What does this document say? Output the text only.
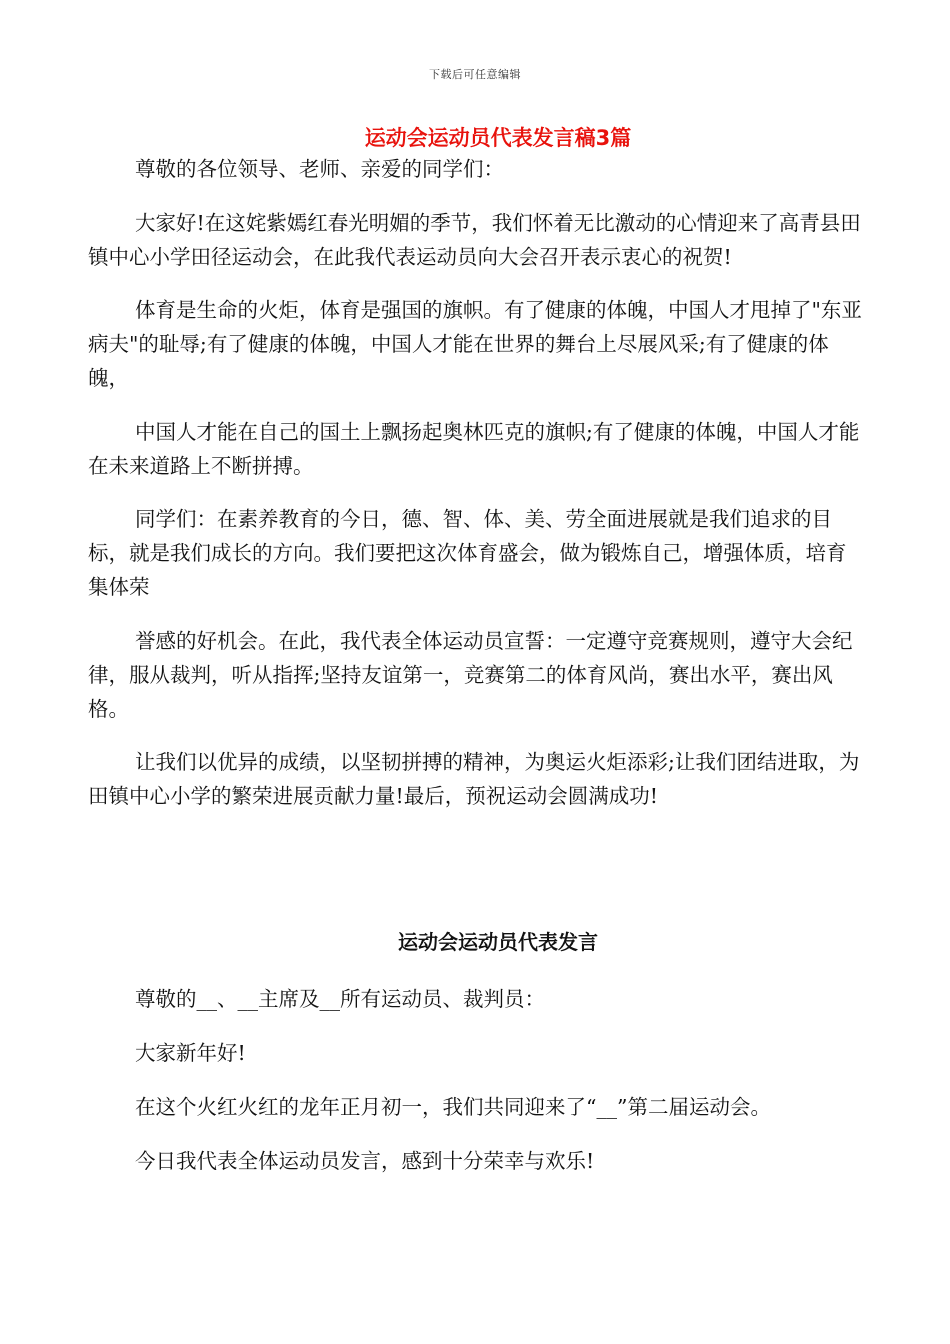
下载后可任意编辑
运动会运动员代表发言稿3篇

尊敬的各位领导、老师、亲爱的同学们：

大家好!在这姹紫嫣红春光明媚的季节，我们怀着无比激动的心情迎来了高青县田镇中心小学田径运动会，在此我代表运动员向大会召开表示衷心的祝贺!

体育是生命的火炬，体育是强国的旗帜。有了健康的体魄，中国人才甩掉了"东亚病夫"的耻辱;有了健康的体魄，中国人才能在世界的舞台上尽展风采;有了健康的体魄，

中国人才能在自己的国土上飘扬起奥林匹克的旗帜;有了健康的体魄，中国人才能在未来道路上不断拼搏。

同学们：在素养教育的今日，德、智、体、美、劳全面进展就是我们追求的目标，就是我们成长的方向。我们要把这次体育盛会，做为锻炼自己，增强体质，培育集体荣

誉感的好机会。在此，我代表全体运动员宣誓：一定遵守竞赛规则，遵守大会纪律，服从裁判，听从指挥;坚持友谊第一，竞赛第二的体育风尚，赛出水平，赛出风格。

让我们以优异的成绩，以坚韧拼搏的精神，为奥运火炬添彩;让我们团结进取，为田镇中心小学的繁荣进展贡献力量!最后，预祝运动会圆满成功!

运动会运动员代表发言

尊敬的__、__主席及__所有运动员、裁判员：

大家新年好!

在这个火红火红的龙年正月初一，我们共同迎来了“__”第二届运动会。

今日我代表全体运动员发言，感到十分荣幸与欢乐!
